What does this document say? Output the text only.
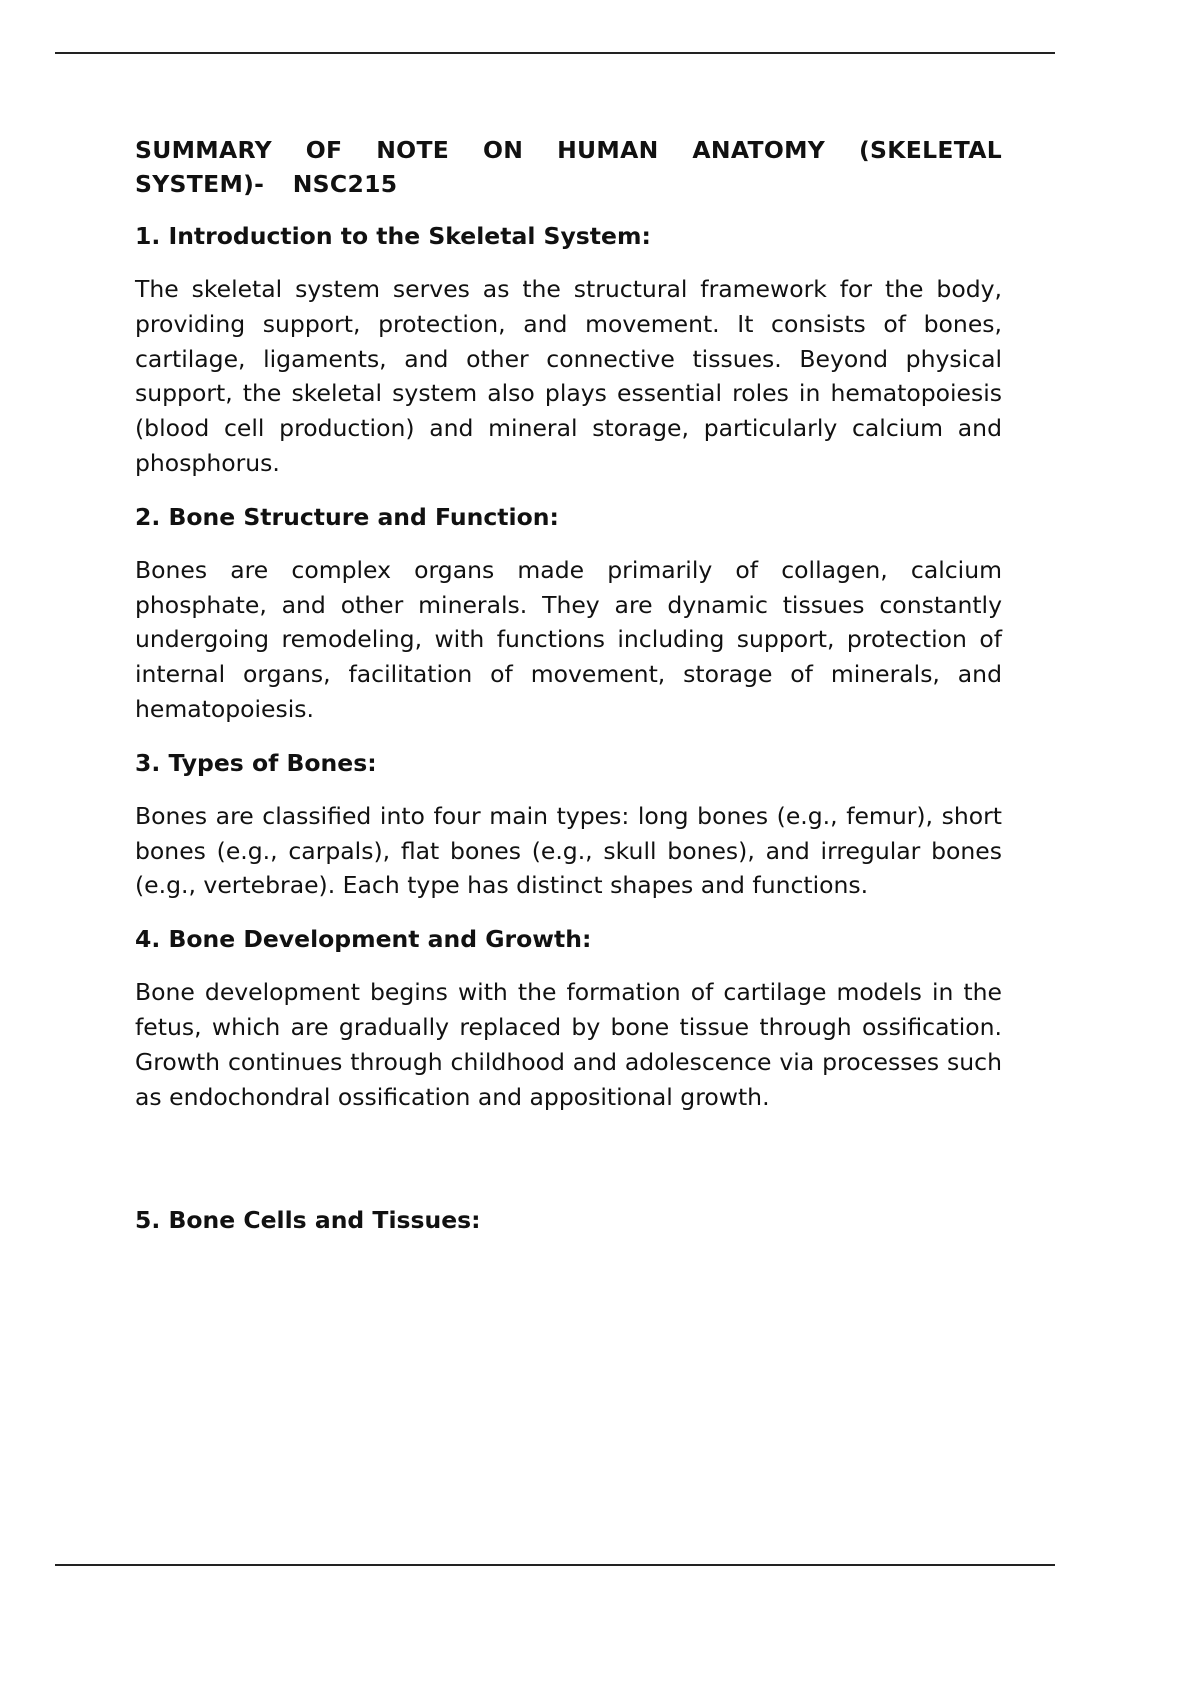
SUMMARY OF NOTE ON HUMAN ANATOMY (SKELETAL SYSTEM)- NSC215
1. Introduction to the Skeletal System:

The skeletal system serves as the structural framework for the body, providing support, protection, and movement. It consists of bones, cartilage, ligaments, and other connective tissues. Beyond physical support, the skeletal system also plays essential roles in hematopoiesis (blood cell production) and mineral storage, particularly calcium and phosphorus.

2. Bone Structure and Function:

Bones are complex organs made primarily of collagen, calcium phosphate, and other minerals. They are dynamic tissues constantly undergoing remodeling, with functions including support, protection of internal organs, facilitation of movement, storage of minerals, and hematopoiesis.

3. Types of Bones:

Bones are classified into four main types: long bones (e.g., femur), short bones (e.g., carpals), flat bones (e.g., skull bones), and irregular bones (e.g., vertebrae). Each type has distinct shapes and functions.

4. Bone Development and Growth:

Bone development begins with the formation of cartilage models in the fetus, which are gradually replaced by bone tissue through ossification. Growth continues through childhood and adolescence via processes such as endochondral ossification and appositional growth.

5. Bone Cells and Tissues:
